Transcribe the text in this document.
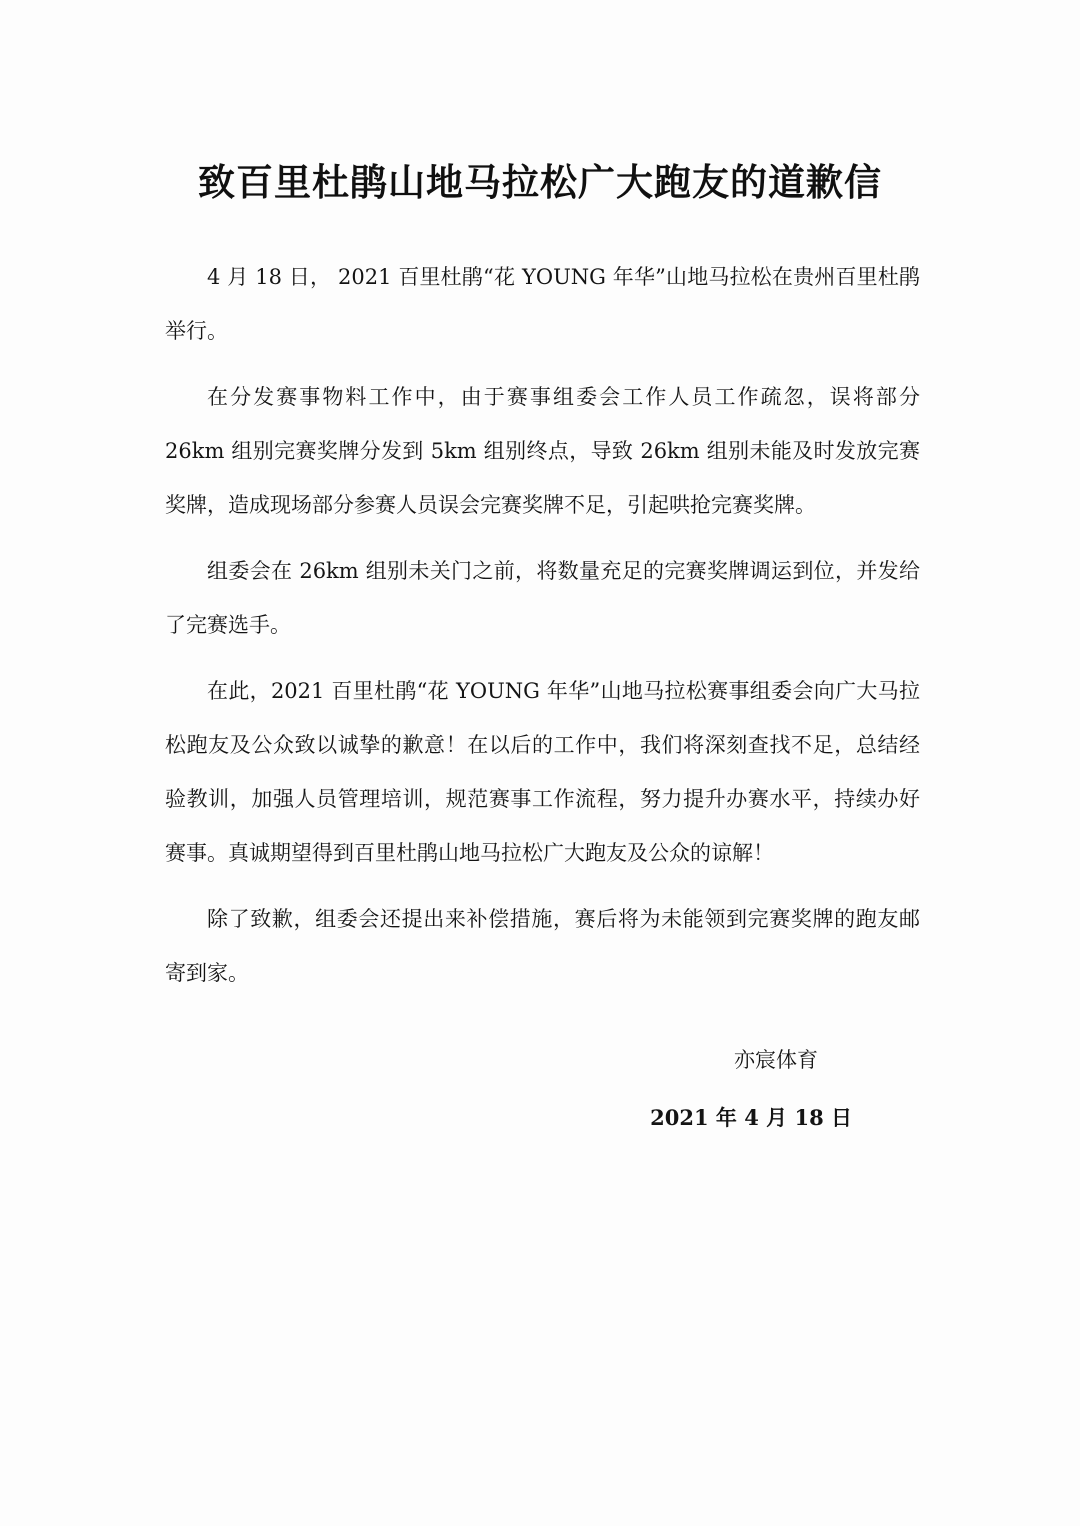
致百里杜鹃山地马拉松广大跑友的道歉信

4 月 18 日， 2021 百里杜鹃“花 YOUNG 年华”山地马拉松在贵州百里杜鹃举行。

在分发赛事物料工作中，由于赛事组委会工作人员工作疏忽，误将部分 26km 组别完赛奖牌分发到 5km 组别终点，导致 26km 组别未能及时发放完赛奖牌，造成现场部分参赛人员误会完赛奖牌不足，引起哄抢完赛奖牌。

组委会在 26km 组别未关门之前，将数量充足的完赛奖牌调运到位，并发给了完赛选手。

在此，2021 百里杜鹃“花 YOUNG 年华”山地马拉松赛事组委会向广大马拉松跑友及公众致以诚挚的歉意！在以后的工作中，我们将深刻查找不足，总结经验教训，加强人员管理培训，规范赛事工作流程，努力提升办赛水平，持续办好赛事。真诚期望得到百里杜鹃山地马拉松广大跑友及公众的谅解！

除了致歉，组委会还提出来补偿措施，赛后将为未能领到完赛奖牌的跑友邮寄到家。

亦宸体育
2021 年 4 月 18 日
